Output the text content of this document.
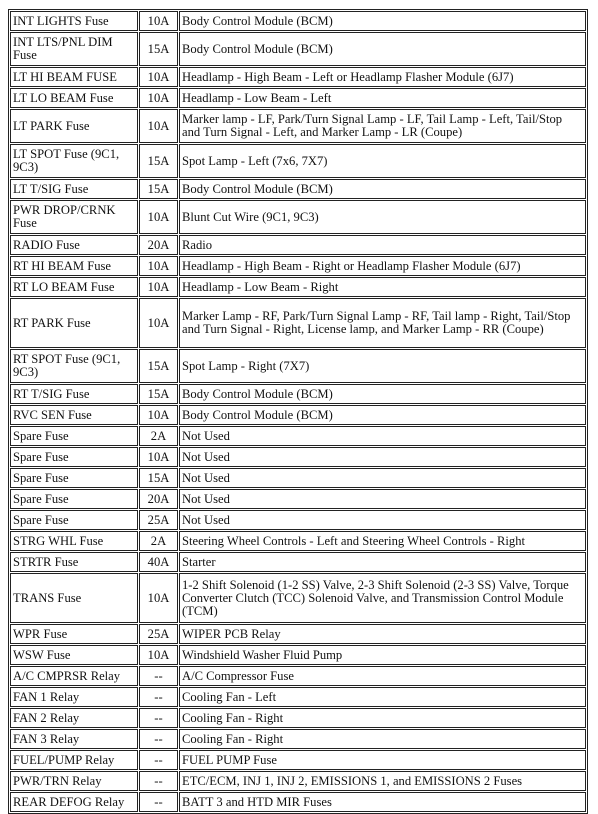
INT LIGHTS Fuse	10A	Body Control Module (BCM)
INT LTS/PNL DIM Fuse	15A	Body Control Module (BCM)
LT HI BEAM FUSE	10A	Headlamp - High Beam - Left or Headlamp Flasher Module (6J7)
LT LO BEAM Fuse	10A	Headlamp - Low Beam - Left
LT PARK Fuse	10A	Marker lamp - LF, Park/Turn Signal Lamp - LF, Tail Lamp - Left, Tail/Stop and Turn Signal - Left, and Marker Lamp - LR (Coupe)
LT SPOT Fuse (9C1, 9C3)	15A	Spot Lamp - Left (7x6, 7X7)
LT T/SIG Fuse	15A	Body Control Module (BCM)
PWR DROP/CRNK Fuse	10A	Blunt Cut Wire (9C1, 9C3)
RADIO Fuse	20A	Radio
RT HI BEAM Fuse	10A	Headlamp - High Beam - Right or Headlamp Flasher Module (6J7)
RT LO BEAM Fuse	10A	Headlamp - Low Beam - Right
RT PARK Fuse	10A	Marker Lamp - RF, Park/Turn Signal Lamp - RF, Tail lamp - Right, Tail/Stop and Turn Signal - Right, License lamp, and Marker Lamp - RR (Coupe)
RT SPOT Fuse (9C1, 9C3)	15A	Spot Lamp - Right (7X7)
RT T/SIG Fuse	15A	Body Control Module (BCM)
RVC SEN Fuse	10A	Body Control Module (BCM)
Spare Fuse	2A	Not Used
Spare Fuse	10A	Not Used
Spare Fuse	15A	Not Used
Spare Fuse	20A	Not Used
Spare Fuse	25A	Not Used
STRG WHL Fuse	2A	Steering Wheel Controls - Left and Steering Wheel Controls - Right
STRTR Fuse	40A	Starter
TRANS Fuse	10A	1-2 Shift Solenoid (1-2 SS) Valve, 2-3 Shift Solenoid (2-3 SS) Valve, Torque Converter Clutch (TCC) Solenoid Valve, and Transmission Control Module (TCM)
WPR Fuse	25A	WIPER PCB Relay
WSW Fuse	10A	Windshield Washer Fluid Pump
A/C CMPRSR Relay	--	A/C Compressor Fuse
FAN 1 Relay	--	Cooling Fan - Left
FAN 2 Relay	--	Cooling Fan - Right
FAN 3 Relay	--	Cooling Fan - Right
FUEL/PUMP Relay	--	FUEL PUMP Fuse
PWR/TRN Relay	--	ETC/ECM, INJ 1, INJ 2, EMISSIONS 1, and EMISSIONS 2 Fuses
REAR DEFOG Relay	--	BATT 3 and HTD MIR Fuses
